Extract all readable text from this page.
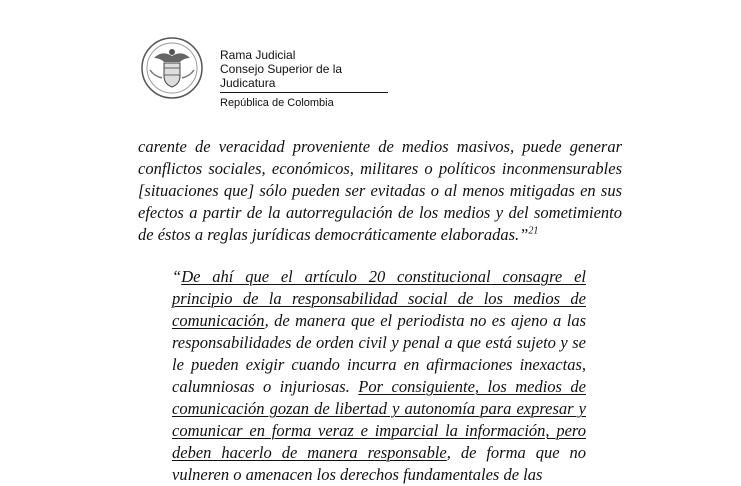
Rama Judicial
Consejo Superior de la Judicatura
República de Colombia

carente de veracidad proveniente de medios masivos, puede generar conflictos sociales, económicos, militares o políticos inconmensurables [situaciones que] sólo pueden ser evitadas o al menos mitigadas en sus efectos a partir de la autorregulación de los medios y del sometimiento de éstos a reglas jurídicas democráticamente elaboradas.”$^{21}$

“De ahí que el artículo 20 constitucional consagre el principio de la responsabilidad social de los medios de comunicación, de manera que el periodista no es ajeno a las responsabilidades de orden civil y penal a que está sujeto y se le pueden exigir cuando incurra en afirmaciones inexactas, calumniosas o injuriosas. Por consiguiente, los medios de comunicación gozan de libertad y autonomía para expresar y comunicar en forma veraz e imparcial la información, pero deben hacerlo de manera responsable, de forma que no vulneren o amenacen los derechos fundamentales de las
